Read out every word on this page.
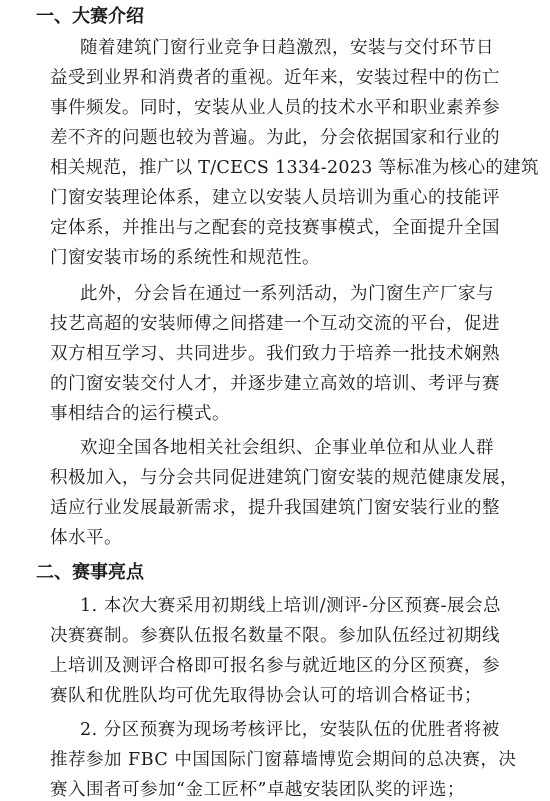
一、大赛介绍
随着建筑门窗行业竞争日趋激烈，安装与交付环节日
益受到业界和消费者的重视。近年来，安装过程中的伤亡
事件频发。同时，安装从业人员的技术水平和职业素养参
差不齐的问题也较为普遍。为此，分会依据国家和行业的
相关规范，推广以 T/CECS 1334-2023 等标准为核心的建筑
门窗安装理论体系，建立以安装人员培训为重心的技能评
定体系，并推出与之配套的竞技赛事模式，全面提升全国
门窗安装市场的系统性和规范性。
此外，分会旨在通过一系列活动，为门窗生产厂家与
技艺高超的安装师傅之间搭建一个互动交流的平台，促进
双方相互学习、共同进步。我们致力于培养一批技术娴熟
的门窗安装交付人才，并逐步建立高效的培训、考评与赛
事相结合的运行模式。
欢迎全国各地相关社会组织、企事业单位和从业人群
积极加入，与分会共同促进建筑门窗安装的规范健康发展，
适应行业发展最新需求，提升我国建筑门窗安装行业的整
体水平。
二、赛事亮点
1. 本次大赛采用初期线上培训/测评-分区预赛-展会总
决赛赛制。参赛队伍报名数量不限。参加队伍经过初期线
上培训及测评合格即可报名参与就近地区的分区预赛，参
赛队和优胜队均可优先取得协会认可的培训合格证书；
2. 分区预赛为现场考核评比，安装队伍的优胜者将被
推荐参加 FBC 中国国际门窗幕墙博览会期间的总决赛，决
赛入围者可参加“金工匠杯”卓越安装团队奖的评选；
